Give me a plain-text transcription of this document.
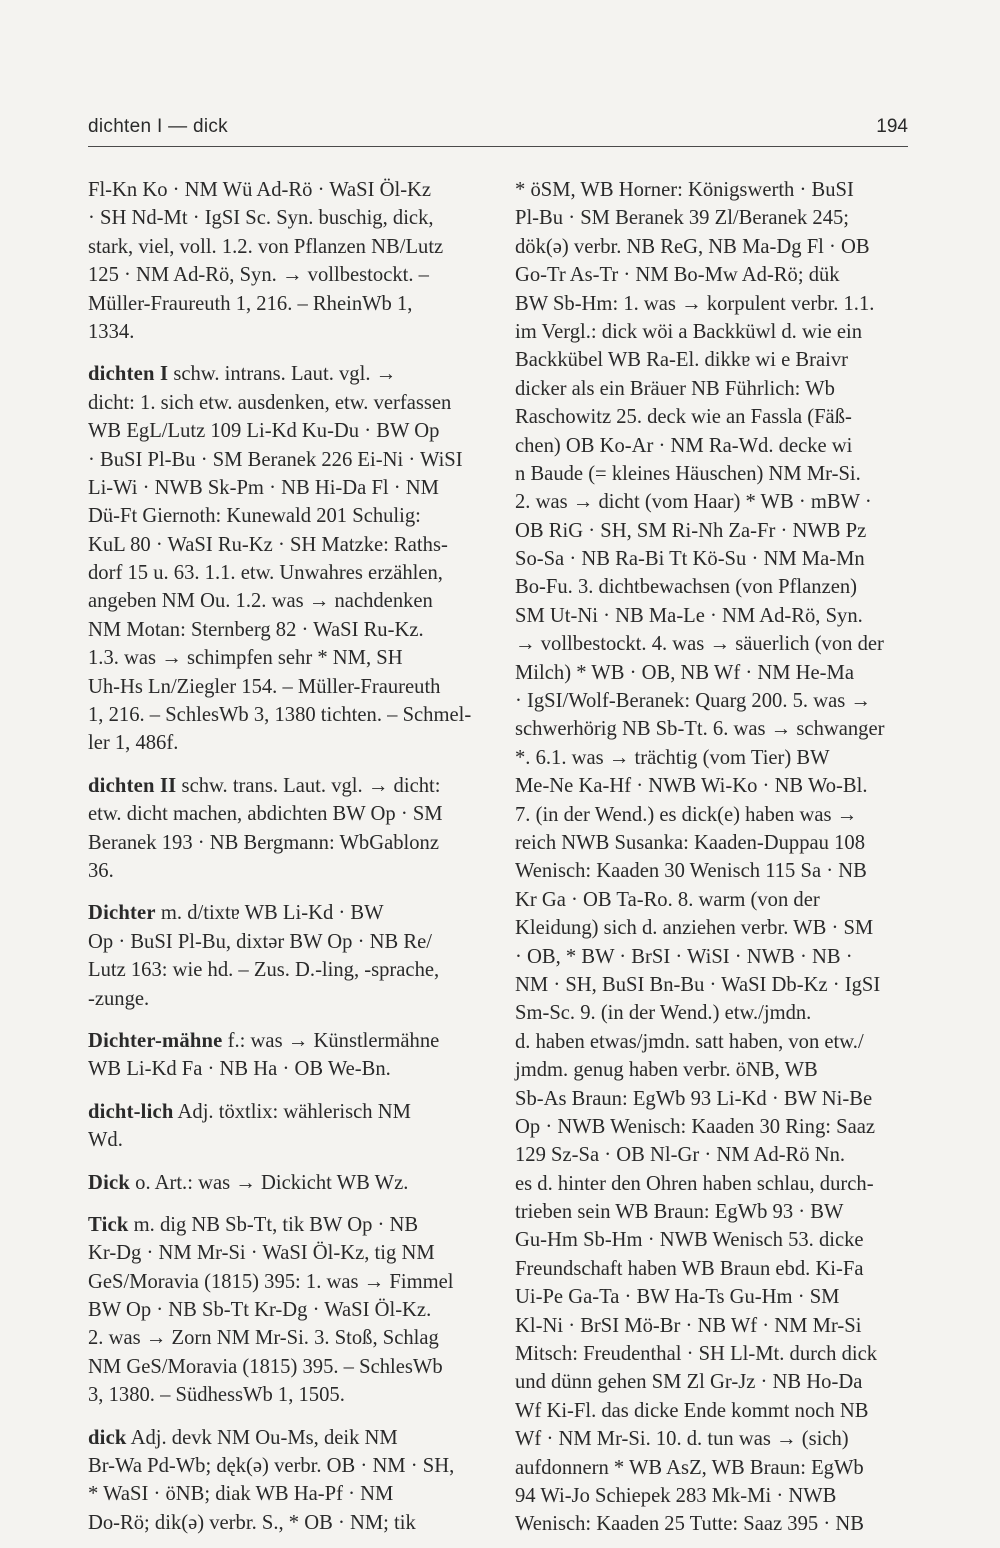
dichten I — dick	194
Fl-Kn Ko · NM Wü Ad-Rö · WaSI Öl-Kz
· SH Nd-Mt · IgSI Sc. Syn. buschig, dick,
stark, viel, voll. 1.2. von Pflanzen NB/Lutz
125 · NM Ad-Rö, Syn. → vollbestockt. –
Müller-Fraureuth 1, 216. – RheinWb 1,
1334.
dichten I schw. intrans. Laut. vgl. →
dicht: 1. sich etw. ausdenken, etw. verfassen
WB EgL/Lutz 109 Li-Kd Ku-Du · BW Op
· BuSI Pl-Bu · SM Beranek 226 Ei-Ni · WiSI
Li-Wi · NWB Sk-Pm · NB Hi-Da Fl · NM
Dü-Ft Giernoth: Kunewald 201 Schulig:
KuL 80 · WaSI Ru-Kz · SH Matzke: Raths-
dorf 15 u. 63. 1.1. etw. Unwahres erzählen,
angeben NM Ou. 1.2. was → nachdenken
NM Motan: Sternberg 82 · WaSI Ru-Kz.
1.3. was → schimpfen sehr * NM, SH
Uh-Hs Ln/Ziegler 154. – Müller-Fraureuth
1, 216. – SchlesWb 3, 1380 tichten. – Schmel-
ler 1, 486f.
dichten II schw. trans. Laut. vgl. → dicht:
etw. dicht machen, abdichten BW Op · SM
Beranek 193 · NB Bergmann: WbGablonz
36.
Dichter m. d/tixtɐ WB Li-Kd · BW
Op · BuSI Pl-Bu, dixtər BW Op · NB Re/
Lutz 163: wie hd. – Zus. D.-ling, -sprache,
-zunge.
Dichter-mähne f.: was → Künstlermähne
WB Li-Kd Fa · NB Ha · OB We-Bn.
dicht-lich Adj. töxtlix: wählerisch NM
Wd.
Dick o. Art.: was → Dickicht WB Wz.
Tick m. dig NB Sb-Tt, tik BW Op · NB
Kr-Dg · NM Mr-Si · WaSI Öl-Kz, tig NM
GeS/Moravia (1815) 395: 1. was → Fimmel
BW Op · NB Sb-Tt Kr-Dg · WaSI Öl-Kz.
2. was → Zorn NM Mr-Si. 3. Stoß, Schlag
NM GeS/Moravia (1815) 395. – SchlesWb
3, 1380. – SüdhessWb 1, 1505.
dick Adj. devk NM Ou-Ms, deik NM
Br-Wa Pd-Wb; dęk(ə) verbr. OB · NM · SH,
* WaSI · öNB; diak WB Ha-Pf · NM
Do-Rö; dik(ə) verbr. S., * OB · NM; tik
* öSM, WB Horner: Königswerth · BuSI
Pl-Bu · SM Beranek 39 Zl/Beranek 245;
dök(ə) verbr. NB ReG, NB Ma-Dg Fl · OB
Go-Tr As-Tr · NM Bo-Mw Ad-Rö; dük
BW Sb-Hm: 1. was → korpulent verbr. 1.1.
im Vergl.: dick wöi a Backküwl d. wie ein
Backkübel WB Ra-El. dikkɐ wi e Braivr
dicker als ein Bräuer NB Führlich: Wb
Raschowitz 25. deck wie an Fassla (Fäß-
chen) OB Ko-Ar · NM Ra-Wd. decke wi
n Baude (= kleines Häuschen) NM Mr-Si.
2. was → dicht (vom Haar) * WB · mBW ·
OB RiG · SH, SM Ri-Nh Za-Fr · NWB Pz
So-Sa · NB Ra-Bi Tt Kö-Su · NM Ma-Mn
Bo-Fu. 3. dichtbewachsen (von Pflanzen)
SM Ut-Ni · NB Ma-Le · NM Ad-Rö, Syn.
→ vollbestockt. 4. was → säuerlich (von der
Milch) * WB · OB, NB Wf · NM He-Ma
· IgSI/Wolf-Beranek: Quarg 200. 5. was →
schwerhörig NB Sb-Tt. 6. was → schwanger
*. 6.1. was → trächtig (vom Tier) BW
Me-Ne Ka-Hf · NWB Wi-Ko · NB Wo-Bl.
7. (in der Wend.) es dick(e) haben was →
reich NWB Susanka: Kaaden-Duppau 108
Wenisch: Kaaden 30 Wenisch 115 Sa · NB
Kr Ga · OB Ta-Ro. 8. warm (von der
Kleidung) sich d. anziehen verbr. WB · SM
· OB, * BW · BrSI · WiSI · NWB · NB ·
NM · SH, BuSI Bn-Bu · WaSI Db-Kz · IgSI
Sm-Sc. 9. (in der Wend.) etw./jmdn.
d. haben etwas/jmdn. satt haben, von etw./
jmdm. genug haben verbr. öNB, WB
Sb-As Braun: EgWb 93 Li-Kd · BW Ni-Be
Op · NWB Wenisch: Kaaden 30 Ring: Saaz
129 Sz-Sa · OB Nl-Gr · NM Ad-Rö Nn.
es d. hinter den Ohren haben schlau, durch-
trieben sein WB Braun: EgWb 93 · BW
Gu-Hm Sb-Hm · NWB Wenisch 53. dicke
Freundschaft haben WB Braun ebd. Ki-Fa
Ui-Pe Ga-Ta · BW Ha-Ts Gu-Hm · SM
Kl-Ni · BrSI Mö-Br · NB Wf · NM Mr-Si
Mitsch: Freudenthal · SH Ll-Mt. durch dick
und dünn gehen SM Zl Gr-Jz · NB Ho-Da
Wf Ki-Fl. das dicke Ende kommt noch NB
Wf · NM Mr-Si. 10. d. tun was → (sich)
aufdonnern * WB AsZ, WB Braun: EgWb
94 Wi-Jo Schiepek 283 Mk-Mi · NWB
Wenisch: Kaaden 25 Tutte: Saaz 395 · NB
